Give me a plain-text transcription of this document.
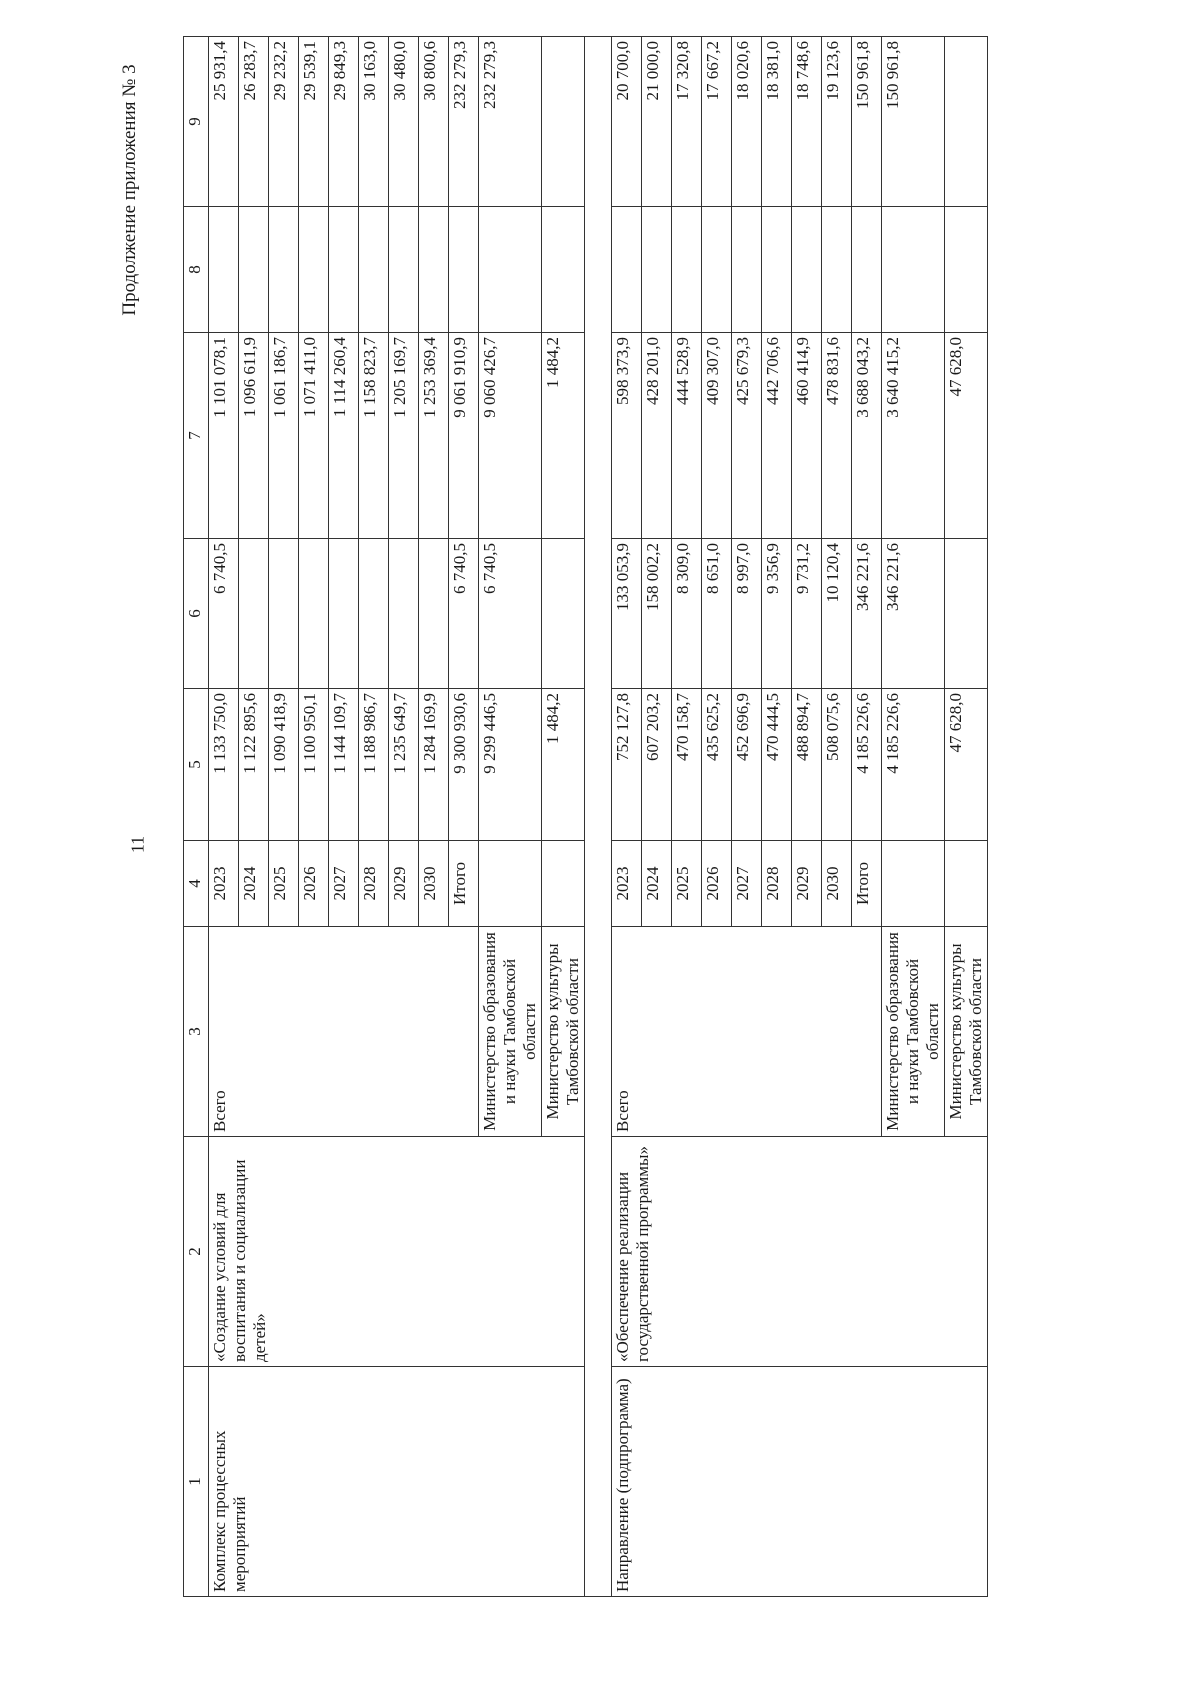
11
Продолжение приложения № 3
1	2	3	4	5	6	7	8	9
Комплекс процессных мероприятий	«Создание условий для воспитания и социализации детей»	Всего	2023	1 133 750,0	6 740,5	1 101 078,1		25 931,4
			2024	1 122 895,6		1 096 611,9		26 283,7
			2025	1 090 418,9		1 061 186,7		29 232,2
			2026	1 100 950,1		1 071 411,0		29 539,1
			2027	1 144 109,7		1 114 260,4		29 849,3
			2028	1 188 986,7		1 158 823,7		30 163,0
			2029	1 235 649,7		1 205 169,7		30 480,0
			2030	1 284 169,9		1 253 369,4		30 800,6
			Итого	9 300 930,6	6 740,5	9 061 910,9		232 279,3
		Министерство образования и науки Тамбовской области		9 299 446,5	6 740,5	9 060 426,7		232 279,3
		Министерство культуры Тамбовской области		1 484,2		1 484,2		

Направление (подпрограмма)	«Обеспечение реализации государственной программы»	Всего	2023	752 127,8	133 053,9	598 373,9		20 700,0
			2024	607 203,2	158 002,2	428 201,0		21 000,0
			2025	470 158,7	8 309,0	444 528,9		17 320,8
			2026	435 625,2	8 651,0	409 307,0		17 667,2
			2027	452 696,9	8 997,0	425 679,3		18 020,6
			2028	470 444,5	9 356,9	442 706,6		18 381,0
			2029	488 894,7	9 731,2	460 414,9		18 748,6
			2030	508 075,6	10 120,4	478 831,6		19 123,6
			Итого	4 185 226,6	346 221,6	3 688 043,2		150 961,8
		Министерство образования и науки Тамбовской области		4 185 226,6	346 221,6	3 640 415,2		150 961,8
		Министерство культуры Тамбовской области		47 628,0		47 628,0		
